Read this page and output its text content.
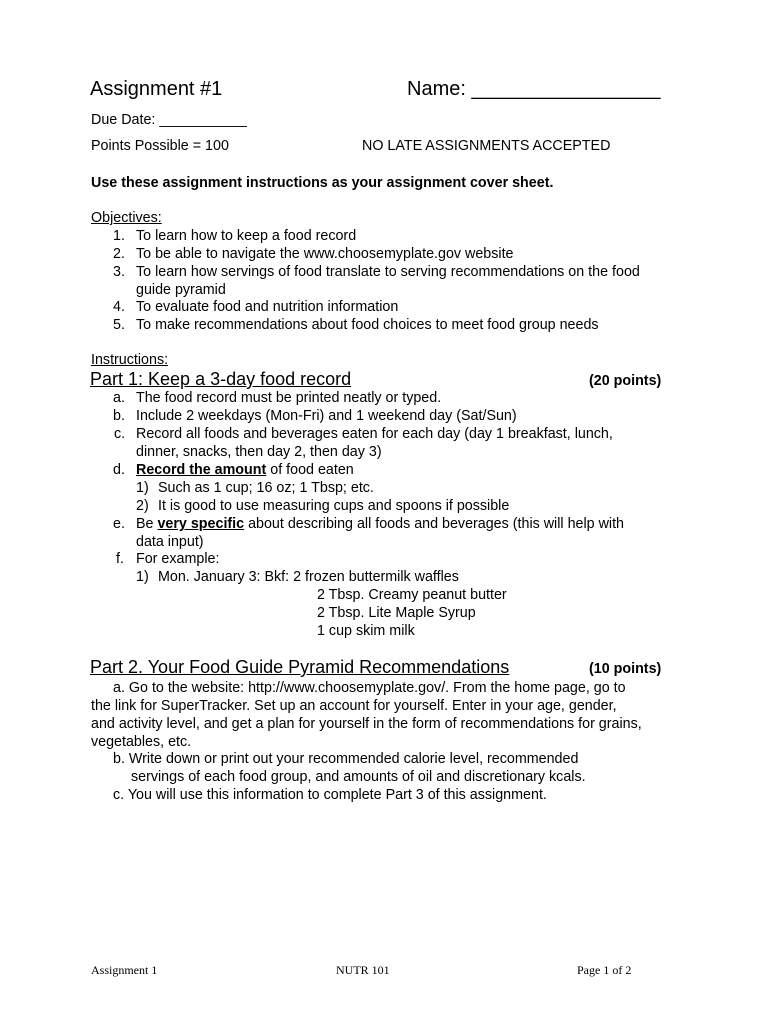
Assignment #1	Name: _________________
Due Date: ___________
Points Possible = 100	NO LATE ASSIGNMENTS ACCEPTED
Use these assignment instructions as your assignment cover sheet.
Objectives:
1. To learn how to keep a food record
2. To be able to navigate the www.choosemyplate.gov website
3. To learn how servings of food translate to serving recommendations on the food
guide pyramid
4. To evaluate food and nutrition information
5. To make recommendations about food choices to meet food group needs
Instructions:
Part 1: Keep a 3-day food record	(20 points)
a. The food record must be printed neatly or typed.
b. Include 2 weekdays (Mon-Fri) and 1 weekend day (Sat/Sun)
c. Record all foods and beverages eaten for each day (day 1 breakfast, lunch,
dinner, snacks, then day 2, then day 3)
d. Record the amount of food eaten
1) Such as 1 cup; 16 oz; 1 Tbsp; etc.
2) It is good to use measuring cups and spoons if possible
e. Be very specific about describing all foods and beverages (this will help with
data input)
f. For example:
1) Mon. January 3: Bkf: 2 frozen buttermilk waffles
2 Tbsp. Creamy peanut butter
2 Tbsp. Lite Maple Syrup
1 cup skim milk
Part 2. Your Food Guide Pyramid Recommendations	(10 points)
a. Go to the website: http://www.choosemyplate.gov/. From the home page, go to
the link for SuperTracker. Set up an account for yourself. Enter in your age, gender,
and activity level, and get a plan for yourself in the form of recommendations for grains,
vegetables, etc.
b. Write down or print out your recommended calorie level, recommended
servings of each food group, and amounts of oil and discretionary kcals.
c. You will use this information to complete Part 3 of this assignment.
Assignment 1	NUTR 101	Page 1 of 2
